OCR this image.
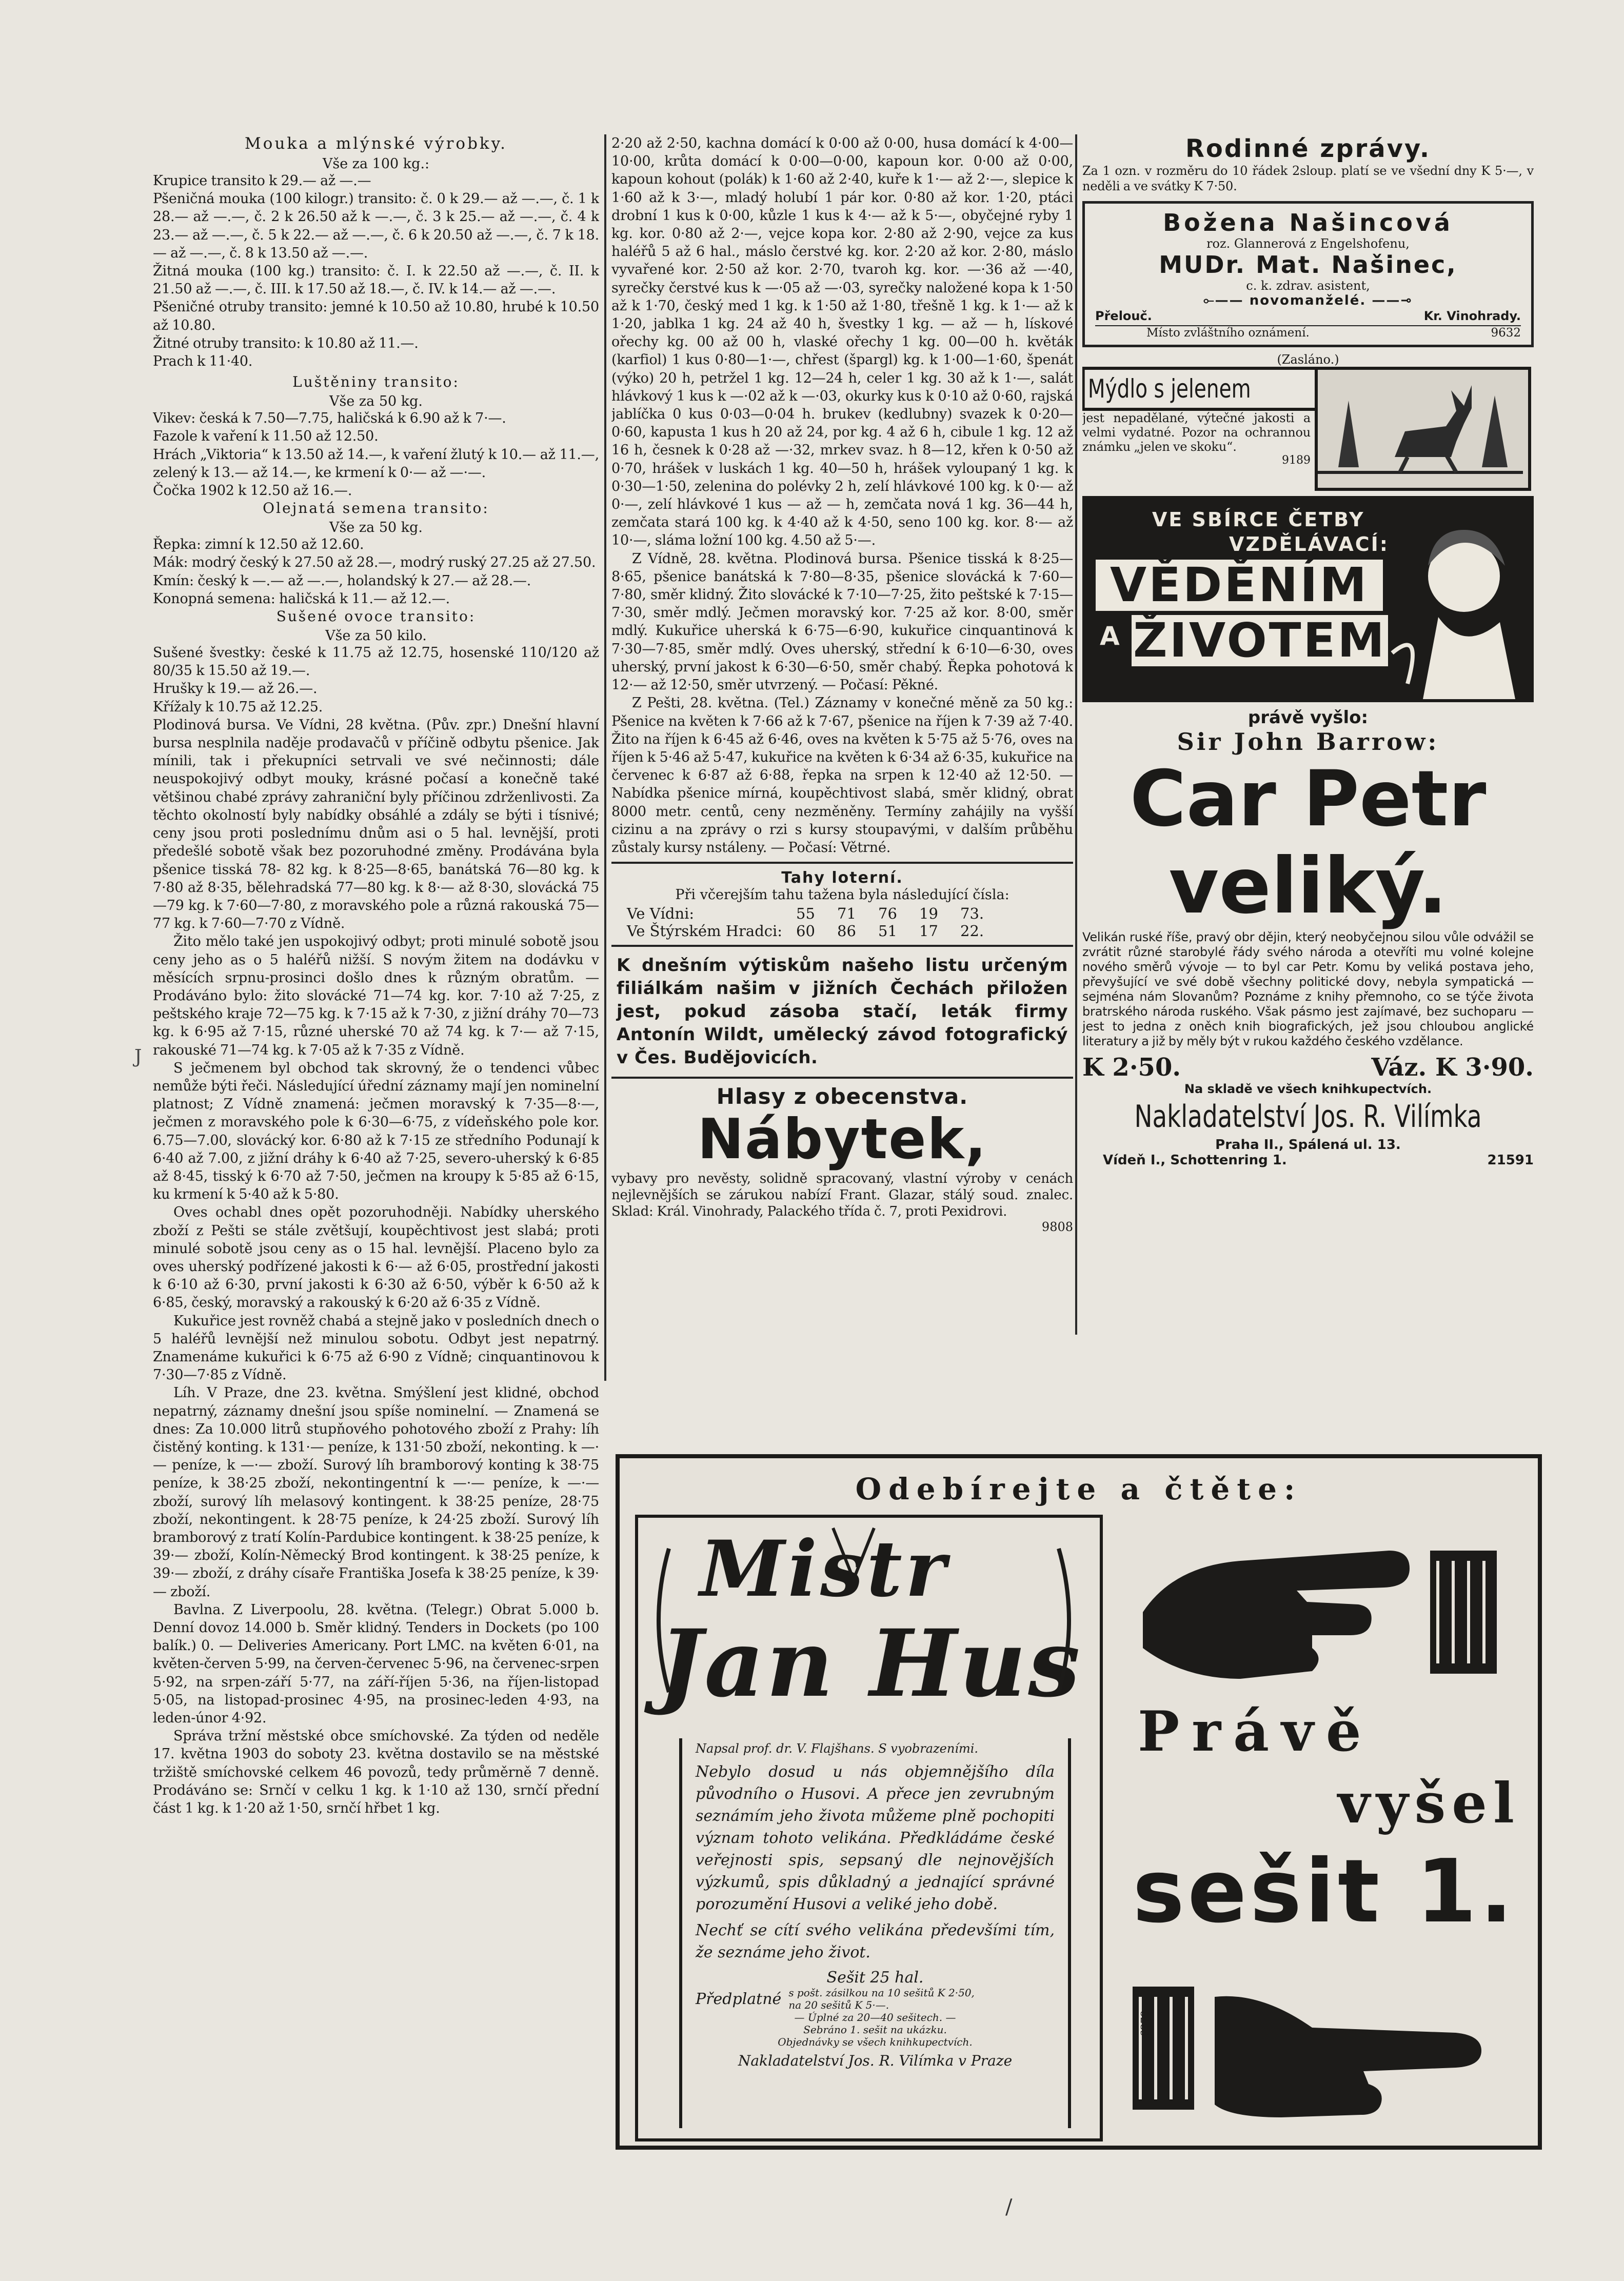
Mouka a mlýnské výrobky.
Vše za 100 kg.:

Krupice transito k 29.— až —.—

Pšeničná mouka (100 kilogr.) transito: č. 0 k 29.— až —.—, č. 1 k 28.— až —.—, č. 2 k 26.50 až k —.—, č. 3 k 25.— až —.—, č. 4 k 23.— až —.—, č. 5 k 22.— až —.—, č. 6 k 20.50 až —.—, č. 7 k 18.— až —.—, č. 8 k 13.50 až —.—.

Žitná mouka (100 kg.) transito: č. I. k 22.50 až —.—, č. II. k 21.50 až —.—, č. III. k 17.50 až 18.—, č. IV. k 14.— až —.—.

Pšeničné otruby transito: jemné k 10.50 až 10.80, hrubé k 10.50 až 10.80.

Žitné otruby transito: k 10.80 až 11.—.

Prach k 11·40.

Luštěniny transito:
Vše za 50 kg.

Vikev: česká k 7.50—7.75, haličská k 6.90 až k 7·—.

Fazole k vaření k 11.50 až 12.50.

Hrách „Viktoria“ k 13.50 až 14.—, k vaření žlutý k 10.— až 11.—, zelený k 13.— až 14.—, ke krmení k 0·— až —·—.

Čočka 1902 k 12.50 až 16.—.

Olejnatá semena transito:
Vše za 50 kg.

Řepka: zimní k 12.50 až 12.60.

Mák: modrý český k 27.50 až 28.—, modrý ruský 27.25 až 27.50.

Kmín: český k —.— až —.—, holandský k 27.— až 28.—.

Konopná semena: haličská k 11.— až 12.—.

Sušené ovoce transito:
Vše za 50 kilo.

Sušené švestky: české k 11.75 až 12.75, hosenské 110/120 až 80/35 k 15.50 až 19.—.

Hrušky k 19.— až 26.—.

Křížaly k 10.75 až 12.25.

Plodinová bursa. Ve Vídni, 28 května. (Pův. zpr.) Dnešní hlavní bursa nesplnila naděje prodavačů v příčině odbytu pšenice. Jak mínili, tak i překupníci setrvali ve své nečinnosti; dále neuspokojivý odbyt mouky, krásné počasí a konečně také většinou chabé zprávy zahraniční byly příčinou zdrženlivosti. Za těchto okolností byly nabídky obsáhlé a zdály se býti i tísnivé; ceny jsou proti poslednímu dnům asi o 5 hal. levnější, proti předešlé sobotě však bez pozoruhodné změny. Prodávána byla pšenice tisská 78- 82 kg. k 8·25—8·65, banátská 76—80 kg. k 7·80 až 8·35, bělehradská 77—80 kg. k 8·— až 8·30, slovácká 75—79 kg. k 7·60—7·80, z moravského pole a různá rakouská 75—77 kg. k 7·60—7·70 z Vídně.

Žito mělo také jen uspokojivý odbyt; proti minulé sobotě jsou ceny jeho as o 5 haléřů nižší. S novým žitem na dodávku v měsících srpnu-prosinci došlo dnes k různým obratům. — Prodáváno bylo: žito slovácké 71—74 kg. kor. 7·10 až 7·25, z peštského kraje 72—75 kg. k 7·15 až k 7·30, z jižní dráhy 70—73 kg. k 6·95 až 7·15, různé uherské 70 až 74 kg. k 7·— až 7·15, rakouské 71—74 kg. k 7·05 až k 7·35 z Vídně.

S ječmenem byl obchod tak skrovný, že o tendenci vůbec nemůže býti řeči. Následující úřední záznamy mají jen nominelní platnost; Z Vídně znamená: ječmen moravský k 7·35—8·—, ječmen z moravského pole k 6·30—6·75, z vídeňského pole kor. 6.75—7.00, slovácký kor. 6·80 až k 7·15 ze středního Podunají k 6·40 až 7.00, z jižní dráhy k 6·40 až 7·25, severo-uherský k 6·85 až 8·45, tisský k 6·70 až 7·50, ječmen na kroupy k 5·85 až 6·15, ku krmení k 5·40 až k 5·80.

Oves ochabl dnes opět pozoruhodněji. Nabídky uherského zboží z Pešti se stále zvětšují, koupěchtivost jest slabá; proti minulé sobotě jsou ceny as o 15 hal. levnější. Placeno bylo za oves uherský podřízené jakosti k 6·— až 6·05, prostřední jakosti k 6·10 až 6·30, první jakosti k 6·30 až 6·50, výběr k 6·50 až k 6·85, český, moravský a rakouský k 6·20 až 6·35 z Vídně.

Kukuřice jest rovněž chabá a stejně jako v posledních dnech o 5 haléřů levnější než minulou sobotu. Odbyt jest nepatrný. Znamenáme kukuřici k 6·75 až 6·90 z Vídně; cinquantinovou k 7·30—7·85 z Vídně.

Líh. V Praze, dne 23. května. Smýšlení jest klidné, obchod nepatrný, záznamy dnešní jsou spíše nominelní. — Znamená se dnes: Za 10.000 litrů stupňového pohotového zboží z Prahy: líh čistěný konting. k 131·— peníze, k 131·50 zboží, nekonting. k —·— peníze, k —·— zboží. Surový líh bramborový konting k 38·75 peníze, k 38·25 zboží, nekontingentní k —·— peníze, k —·— zboží, surový líh melasový kontingent. k 38·25 peníze, 28·75 zboží, nekontingent. k 28·75 peníze, k 24·25 zboží. Surový líh bramborový z tratí Kolín-Pardubice kontingent. k 38·25 peníze, k 39·— zboží, Kolín-Německý Brod kontingent. k 38·25 peníze, k 39·— zboží, z dráhy císaře Františka Josefa k 38·25 peníze, k 39·— zboží.

Bavlna. Z Liverpoolu, 28. května. (Telegr.) Obrat 5.000 b. Denní dovoz 14.000 b. Směr klidný. Tenders in Dockets (po 100 balík.) 0. — Deliveries Americany. Port LMC. na květen 6·01, na květen-červen 5·99, na červen-červenec 5·96, na červenec-srpen 5·92, na srpen-září 5·77, na září-říjen 5·36, na říjen-listopad 5·05, na listopad-prosinec 4·95, na prosinec-leden 4·93, na leden-únor 4·92.

Správa tržní městské obce smíchovské. Za týden od neděle 17. května 1903 do soboty 23. května dostavilo se na městské tržiště smíchovské celkem 46 povozů, tedy průměrně 7 denně. Prodáváno se: Srnčí v celku 1 kg. k 1·10 až 130, srnčí přední část 1 kg. k 1·20 až 1·50, srnčí hřbet 1 kg.

2·20 až 2·50, kachna domácí k 0·00 až 0·00, husa domácí k 4·00—10·00, krůta domácí k 0·00—0·00, kapoun kor. 0·00 až 0·00, kapoun kohout (polák) k 1·60 až 2·40, kuře k 1·— až 2·—, slepice k 1·60 až k 3·—, mladý holubí 1 pár kor. 0·80 až kor. 1·20, ptáci drobní 1 kus k 0·00, kůzle 1 kus k 4·— až k 5·—, obyčejné ryby 1 kg. kor. 0·80 až 2·—, vejce kopa kor. 2·80 až 2·90, vejce za kus haléřů 5 až 6 hal., máslo čerstvé kg. kor. 2·20 až kor. 2·80, máslo vyvařené kor. 2·50 až kor. 2·70, tvaroh kg. kor. —·36 až —·40, syrečky čerstvé kus k —·05 až —·03, syrečky naložené kopa k 1·50 až k 1·70, český med 1 kg. k 1·50 až 1·80, třešně 1 kg. k 1·— až k 1·20, jablka 1 kg. 24 až 40 h, švestky 1 kg. — až — h, lískové ořechy kg. 00 až 00 h, vlaské ořechy 1 kg. 00—00 h. květák (karfiol) 1 kus 0·80—1·—, chřest (špargl) kg. k 1·00—1·60, špenát (výko) 20 h, petržel 1 kg. 12—24 h, celer 1 kg. 30 až k 1·—, salát hlávkový 1 kus k —·02 až k —·03, okurky kus k 0·10 až 0·60, rajská jablíčka 0 kus 0·03—0·04 h. brukev (kedlubny) svazek k 0·20—0·60, kapusta 1 kus h 20 až 24, por kg. 4 až 6 h, cibule 1 kg. 12 až 16 h, česnek k 0·28 až —·32, mrkev svaz. h 8—12, křen k 0·50 až 0·70, hrášek v luskách 1 kg. 40—50 h, hrášek vyloupaný 1 kg. k 0·30—1·50, zelenina do polévky 2 h, zelí hlávkové 100 kg. k 0·— až 0·—, zelí hlávkové 1 kus — až — h, zemčata nová 1 kg. 36—44 h, zemčata stará 100 kg. k 4·40 až k 4·50, seno 100 kg. kor. 8·— až 10·—, sláma ložní 100 kg. 4.50 až 5·—.

Z Vídně, 28. května. Plodinová bursa. Pšenice tisská k 8·25—8·65, pšenice banátská k 7·80—8·35, pšenice slovácká k 7·60—7·80, směr klidný. Žito slovácké k 7·10—7·25, žito peštské k 7·15—7·30, směr mdlý. Ječmen moravský kor. 7·25 až kor. 8·00, směr mdlý. Kukuřice uherská k 6·75—6·90, kukuřice cinquantinová k 7·30—7·85, směr mdlý. Oves uherský, střední k 6·10—6·30, oves uherský, první jakost k 6·30—6·50, směr chabý. Řepka pohotová k 12·— až 12·50, směr utvrzený. — Počasí: Pěkné.

Z Pešti, 28. května. (Tel.) Záznamy v konečné měně za 50 kg.: Pšenice na květen k 7·66 až k 7·67, pšenice na říjen k 7·39 až 7·40. Žito na říjen k 6·45 až 6·46, oves na květen k 5·75 až 5·76, oves na říjen k 5·46 až 5·47, kukuřice na květen k 6·34 až 6·35, kukuřice na červenec k 6·87 až 6·88, řepka na srpen k 12·40 až 12·50. — Nabídka pšenice mírná, koupěchtivost slabá, směr klidný, obrat 8000 metr. centů, ceny nezměněny. Termíny zahájily na vyšší cizinu a na zprávy o rzi s kursy stoupavými, v dalším průběhu zůstaly kursy nstáleny. — Počasí: Větrné.

Tahy loterní.
Při včerejším tahu tažena byla následující čísla:
Ve Vídni:	55	71	76	19	73.
Ve Štýrském Hradci: 60	86	51	17	22.
K dnešním výtiskům našeho listu určeným filiálkám našim v jižních Čechách přiložen jest, pokud zásoba stačí, leták firmy Antonín Wildt, umělecký závod fotografický v Čes. Budějovicích.
Hlasy z obecenstva.
Nábytek,

vybavy pro nevěsty, solidně spracovaný, vlastní výroby v cenách nejlevnějších se zárukou nabízí Frant. Glazar, stálý soud. znalec. Sklad: Král. Vinohrady, Palackého třída č. 7, proti Pexidrovi.

9808
Rodinné zprávy.

Za 1 ozn. v rozměru do 10 řádek 2sloup. platí se ve všední dny K 5·—, v neděli a ve svátky K 7·50.

Božena Našincová
roz. Glannerová z Engelshofenu,
MUDr. Mat. Našinec,
c. k. zdrav. asistent,
⟜—— novomanželé. ——⊸
Přelouč.	Kr. Vinohrady.
Místo zvláštního oznámení.	9632
(Zasláno.)
Mýdlo s jelenem

jest nepadělané, výtečné jakosti a velmi vydatné. Pozor na ochrannou známku „jelen ve skoku“.

9189
VE SBÍRCE ČETBY
VZDĚLÁVACÍ:
VĚDĚNÍM
A ŽIVOTEM
právě vyšlo:
Sir John Barrow:
Car Petr
veliký.

Velikán ruské říše, pravý obr dějin, který neobyčejnou silou vůle odvážil se zvrátit různé starobylé řády svého národa a otevříti mu volné kolejne nového směrů vývoje — to byl car Petr. Komu by veliká postava jeho, převyšující ve své době všechny politické dovy, nebyla sympatická — sejména nám Slovanům? Poznáme z knihy přemnoho, co se týče života bratrského národa ruského. Však pásmo jest zajímavé, bez suchoparu — jest to jedna z oněch knih biografických, jež jsou chloubou anglické literatury a již by měly být v rukou každého českého vzdělance.

K 2·50.	Váz. K 3·90.
Na skladě ve všech knihkupectvích.
Nakladatelství Jos. R. Vilímka
Praha II., Spálená ul. 13.
Vídeň I., Schottenring 1.	21591
Odebírejte a čtěte:
Mistr
Jan Hus
Napsal prof. dr. V. Flajšhans. S vyobrazeními.
Nebylo dosud u nás objemnějšího díla původního o Husovi. A přece jen zevrubným seznámím jeho života můžeme plně pochopiti význam tohoto velikána. Předkládáme české veřejnosti spis, sepsaný dle nejnovějších výzkumů, spis důkladný a jednající správné porozumění Husovi a veliké jeho době.
Nechť se cítí svého velikána předevšími tím, že seznáme jeho život.
Sešit 25 hal.
Předplatné s pošt. zásilkou na 10 sešitů K 2·50,
na 20 sešitů K 5·—.
— Úplné za 20—40 sešitech. —
Sebráno 1. sešit na ukázku.
Objednávky se všech knihkupectvích.
Nakladatelství Jos. R. Vilímka v Praze
Právě
vyšel
sešit 1.
6378
J
/
